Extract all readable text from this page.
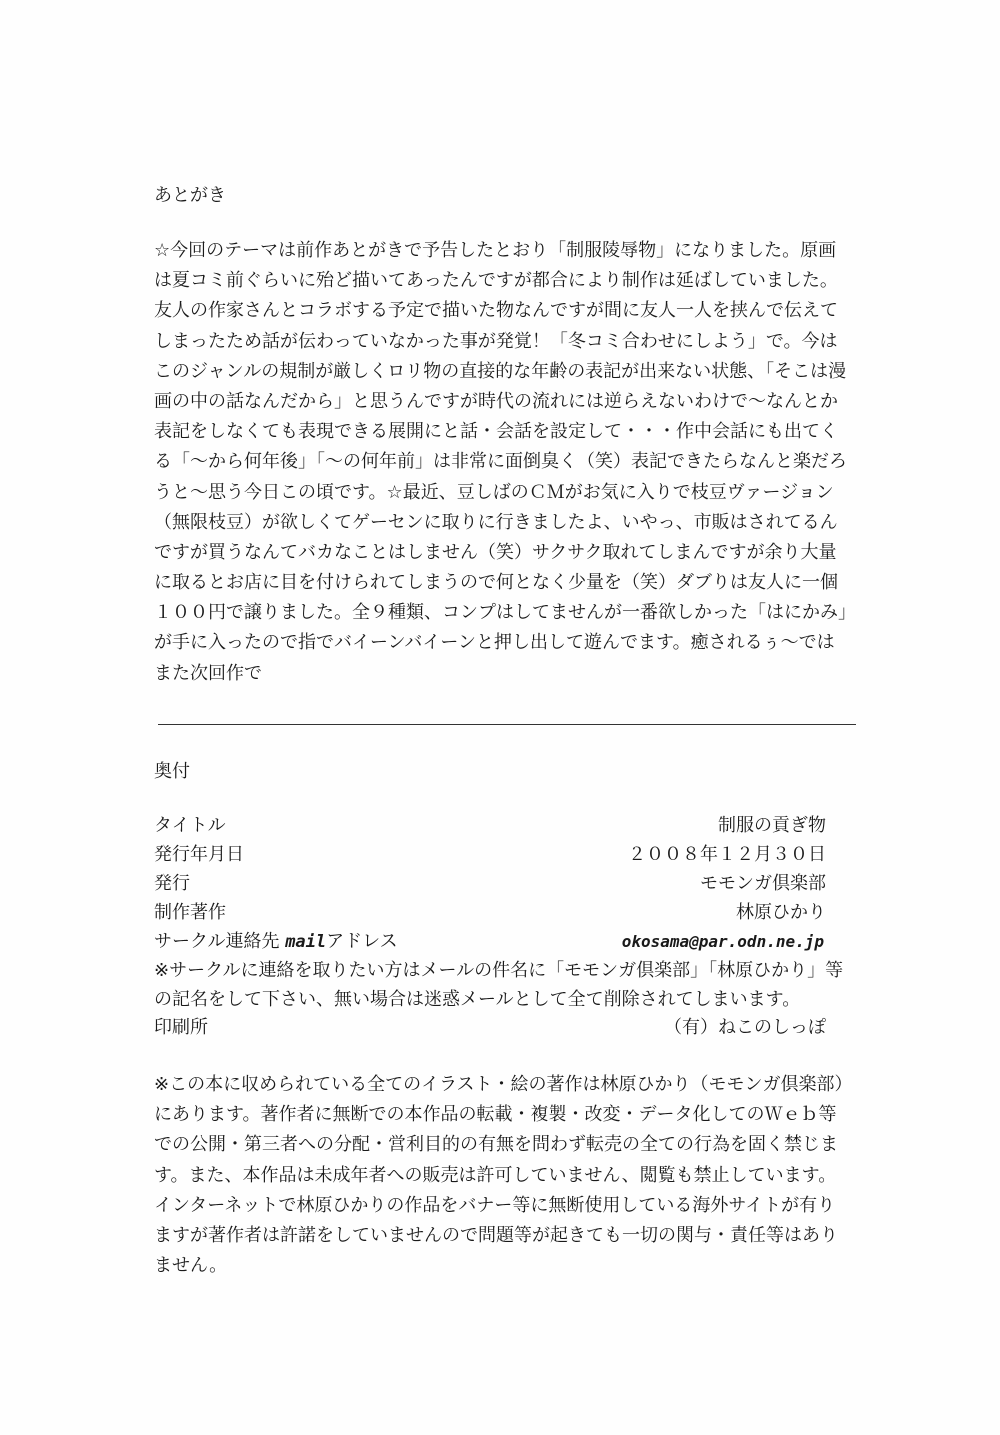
あとがき
☆今回のテーマは前作あとがきで予告したとおり「制服陵辱物」になりました。原画
は夏コミ前ぐらいに殆ど描いてあったんですが都合により制作は延ばしていました。
友人の作家さんとコラボする予定で描いた物なんですが間に友人一人を挟んで伝えて
しまったため話が伝わっていなかった事が発覚！「冬コミ合わせにしよう」で。今は
このジャンルの規制が厳しくロリ物の直接的な年齢の表記が出来ない状態、「そこは漫
画の中の話なんだから」と思うんですが時代の流れには逆らえないわけで～なんとか
表記をしなくても表現できる展開にと話・会話を設定して・・・作中会話にも出てく
る「～から何年後」「～の何年前」は非常に面倒臭く（笑）表記できたらなんと楽だろ
うと～思う今日この頃です。☆最近、豆しばのＣＭがお気に入りで枝豆ヴァージョン
（無限枝豆）が欲しくてゲーセンに取りに行きましたよ、いやっ、市販はされてるん
ですが買うなんてバカなことはしません（笑）サクサク取れてしまんですが余り大量
に取るとお店に目を付けられてしまうので何となく少量を（笑）ダブりは友人に一個
１００円で譲りました。全９種類、コンプはしてませんが一番欲しかった「はにかみ」
が手に入ったので指でバイーンバイーンと押し出して遊んでます。癒されるぅ～では
また次回作で
奥付
タイトル	制服の貢ぎ物
発行年月日	２００８年１２月３０日
発行	モモンガ倶楽部
制作著作	林原ひかり
サークル連絡先 mailアドレス	okosama@par.odn.ne.jp
※サークルに連絡を取りたい方はメールの件名に「モモンガ倶楽部」「林原ひかり」等
の記名をして下さい、無い場合は迷惑メールとして全て削除されてしまいます。
印刷所	（有）ねこのしっぽ
※この本に収められている全てのイラスト・絵の著作は林原ひかり（モモンガ倶楽部）
にあります。著作者に無断での本作品の転載・複製・改変・データ化してのＷｅｂ等
での公開・第三者への分配・営利目的の有無を問わず転売の全ての行為を固く禁じま
す。また、本作品は未成年者への販売は許可していません、閲覧も禁止しています。
インターネットで林原ひかりの作品をバナー等に無断使用している海外サイトが有り
ますが著作者は許諾をしていませんので問題等が起きても一切の関与・責任等はあり
ません。
